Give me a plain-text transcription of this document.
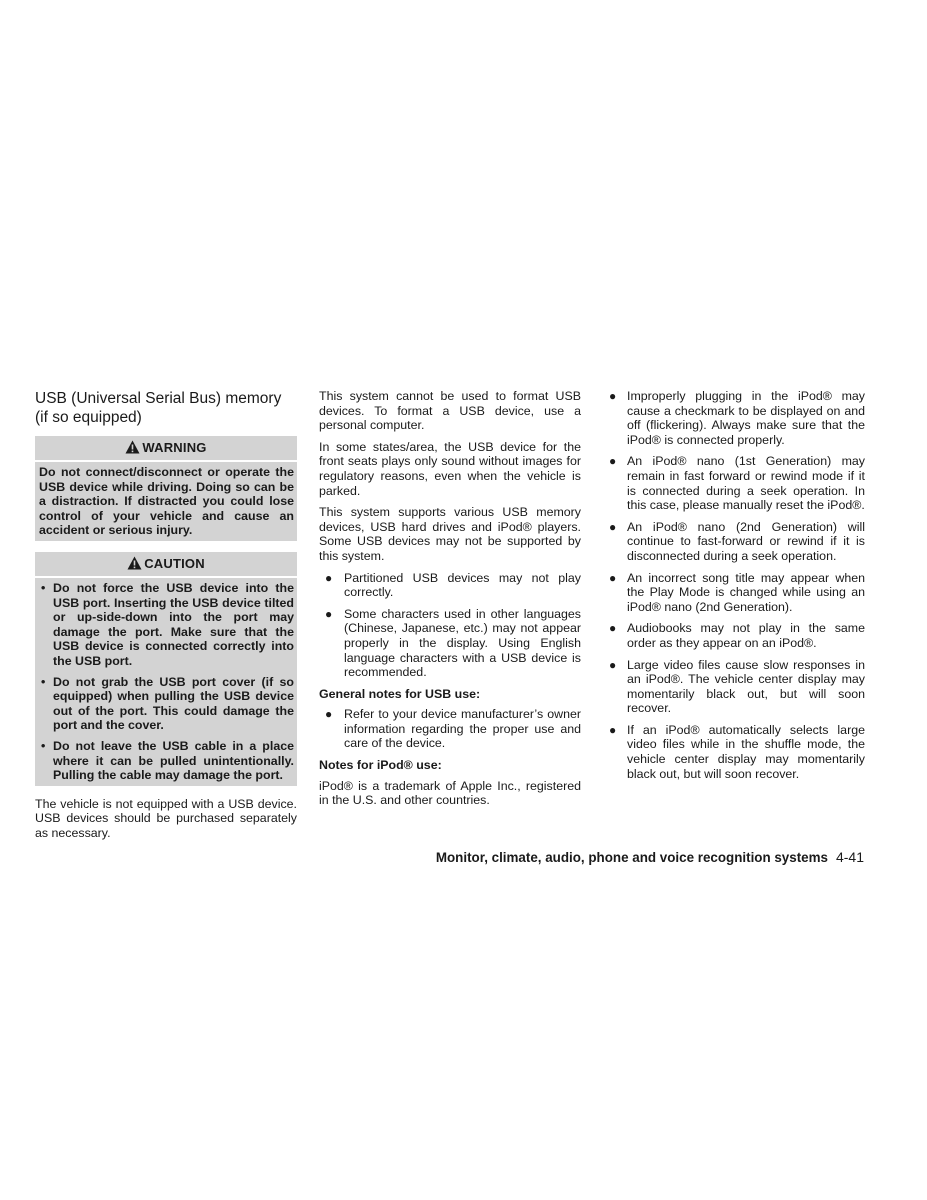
USB (Universal Serial Bus) memory (if so equipped)
WARNING

Do not connect/disconnect or operate the USB device while driving. Doing so can be a distraction. If distracted you could lose control of your vehicle and cause an accident or serious injury.

CAUTION
• Do not force the USB device into the USB port. Inserting the USB device tilted or up-side-down into the port may damage the port. Make sure that the USB device is connected correctly into the USB port.
• Do not grab the USB port cover (if so equipped) when pulling the USB device out of the port. This could damage the port and the cover.
• Do not leave the USB cable in a place where it can be pulled unintentionally. Pulling the cable may damage the port.

The vehicle is not equipped with a USB device. USB devices should be purchased separately as necessary.

This system cannot be used to format USB devices. To format a USB device, use a personal computer.

In some states/area, the USB device for the front seats plays only sound without images for regulatory reasons, even when the vehicle is parked.

This system supports various USB memory devices, USB hard drives and iPod® players. Some USB devices may not be supported by this system.

● Partitioned USB devices may not play correctly.
● Some characters used in other languages (Chinese, Japanese, etc.) may not appear properly in the display. Using English language characters with a USB device is recommended.
General notes for USB use:
● Refer to your device manufacturer’s owner information regarding the proper use and care of the device.
Notes for iPod® use:

iPod® is a trademark of Apple Inc., registered in the U.S. and other countries.

● Improperly plugging in the iPod® may cause a checkmark to be displayed on and off (flickering). Always make sure that the iPod® is connected properly.
● An iPod® nano (1st Generation) may remain in fast forward or rewind mode if it is connected during a seek operation. In this case, please manually reset the iPod®.
● An iPod® nano (2nd Generation) will continue to fast-forward or rewind if it is disconnected during a seek operation.
● An incorrect song title may appear when the Play Mode is changed while using an iPod® nano (2nd Generation).
● Audiobooks may not play in the same order as they appear on an iPod®.
● Large video files cause slow responses in an iPod®. The vehicle center display may momentarily black out, but will soon recover.
● If an iPod® automatically selects large video files while in the shuffle mode, the vehicle center display may momentarily black out, but will soon recover.
Monitor, climate, audio, phone and voice recognition systems 4-41
